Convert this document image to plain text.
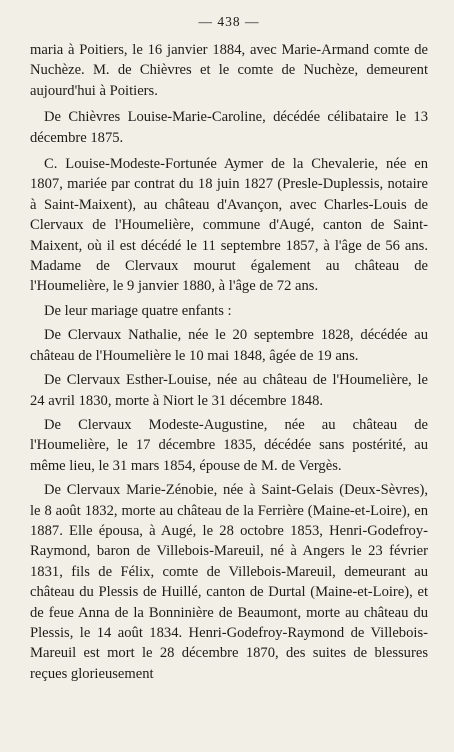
— 438 —

maria à Poitiers, le 16 janvier 1884, avec Marie-Armand comte de Nuchèze. M. de Chièvres et le comte de Nuchèze, demeurent aujourd'hui à Poitiers.

De Chièvres Louise-Marie-Caroline, décédée célibataire le 13 décembre 1875.

C. Louise-Modeste-Fortunée Aymer de la Chevalerie, née en 1807, mariée par contrat du 18 juin 1827 (Presle-Duplessis, notaire à Saint-Maixent), au château d'Avançon, avec Charles-Louis de Clervaux de l'Houmelière, commune d'Augé, canton de Saint-Maixent, où il est décédé le 11 septembre 1857, à l'âge de 56 ans. Madame de Clervaux mourut également au château de l'Houmelière, le 9 janvier 1880, à l'âge de 72 ans.

De leur mariage quatre enfants :

De Clervaux Nathalie, née le 20 septembre 1828, décédée au château de l'Houmelière le 10 mai 1848, âgée de 19 ans.

De Clervaux Esther-Louise, née au château de l'Houmelière, le 24 avril 1830, morte à Niort le 31 décembre 1848.

De Clervaux Modeste-Augustine, née au château de l'Houmelière, le 17 décembre 1835, décédée sans postérité, au même lieu, le 31 mars 1854, épouse de M. de Vergès.

De Clervaux Marie-Zénobie, née à Saint-Gelais (Deux-Sèvres), le 8 août 1832, morte au château de la Ferrière (Maine-et-Loire), en 1887. Elle épousa, à Augé, le 28 octobre 1853, Henri-Godefroy-Raymond, baron de Villebois-Mareuil, né à Angers le 23 février 1831, fils de Félix, comte de Villebois-Mareuil, demeurant au château du Plessis de Huillé, canton de Durtal (Maine-et-Loire), et de feue Anna de la Bonninière de Beaumont, morte au château du Plessis, le 14 août 1834. Henri-Godefroy-Raymond de Villebois-Mareuil est mort le 28 décembre 1870, des suites de blessures reçues glorieusement
